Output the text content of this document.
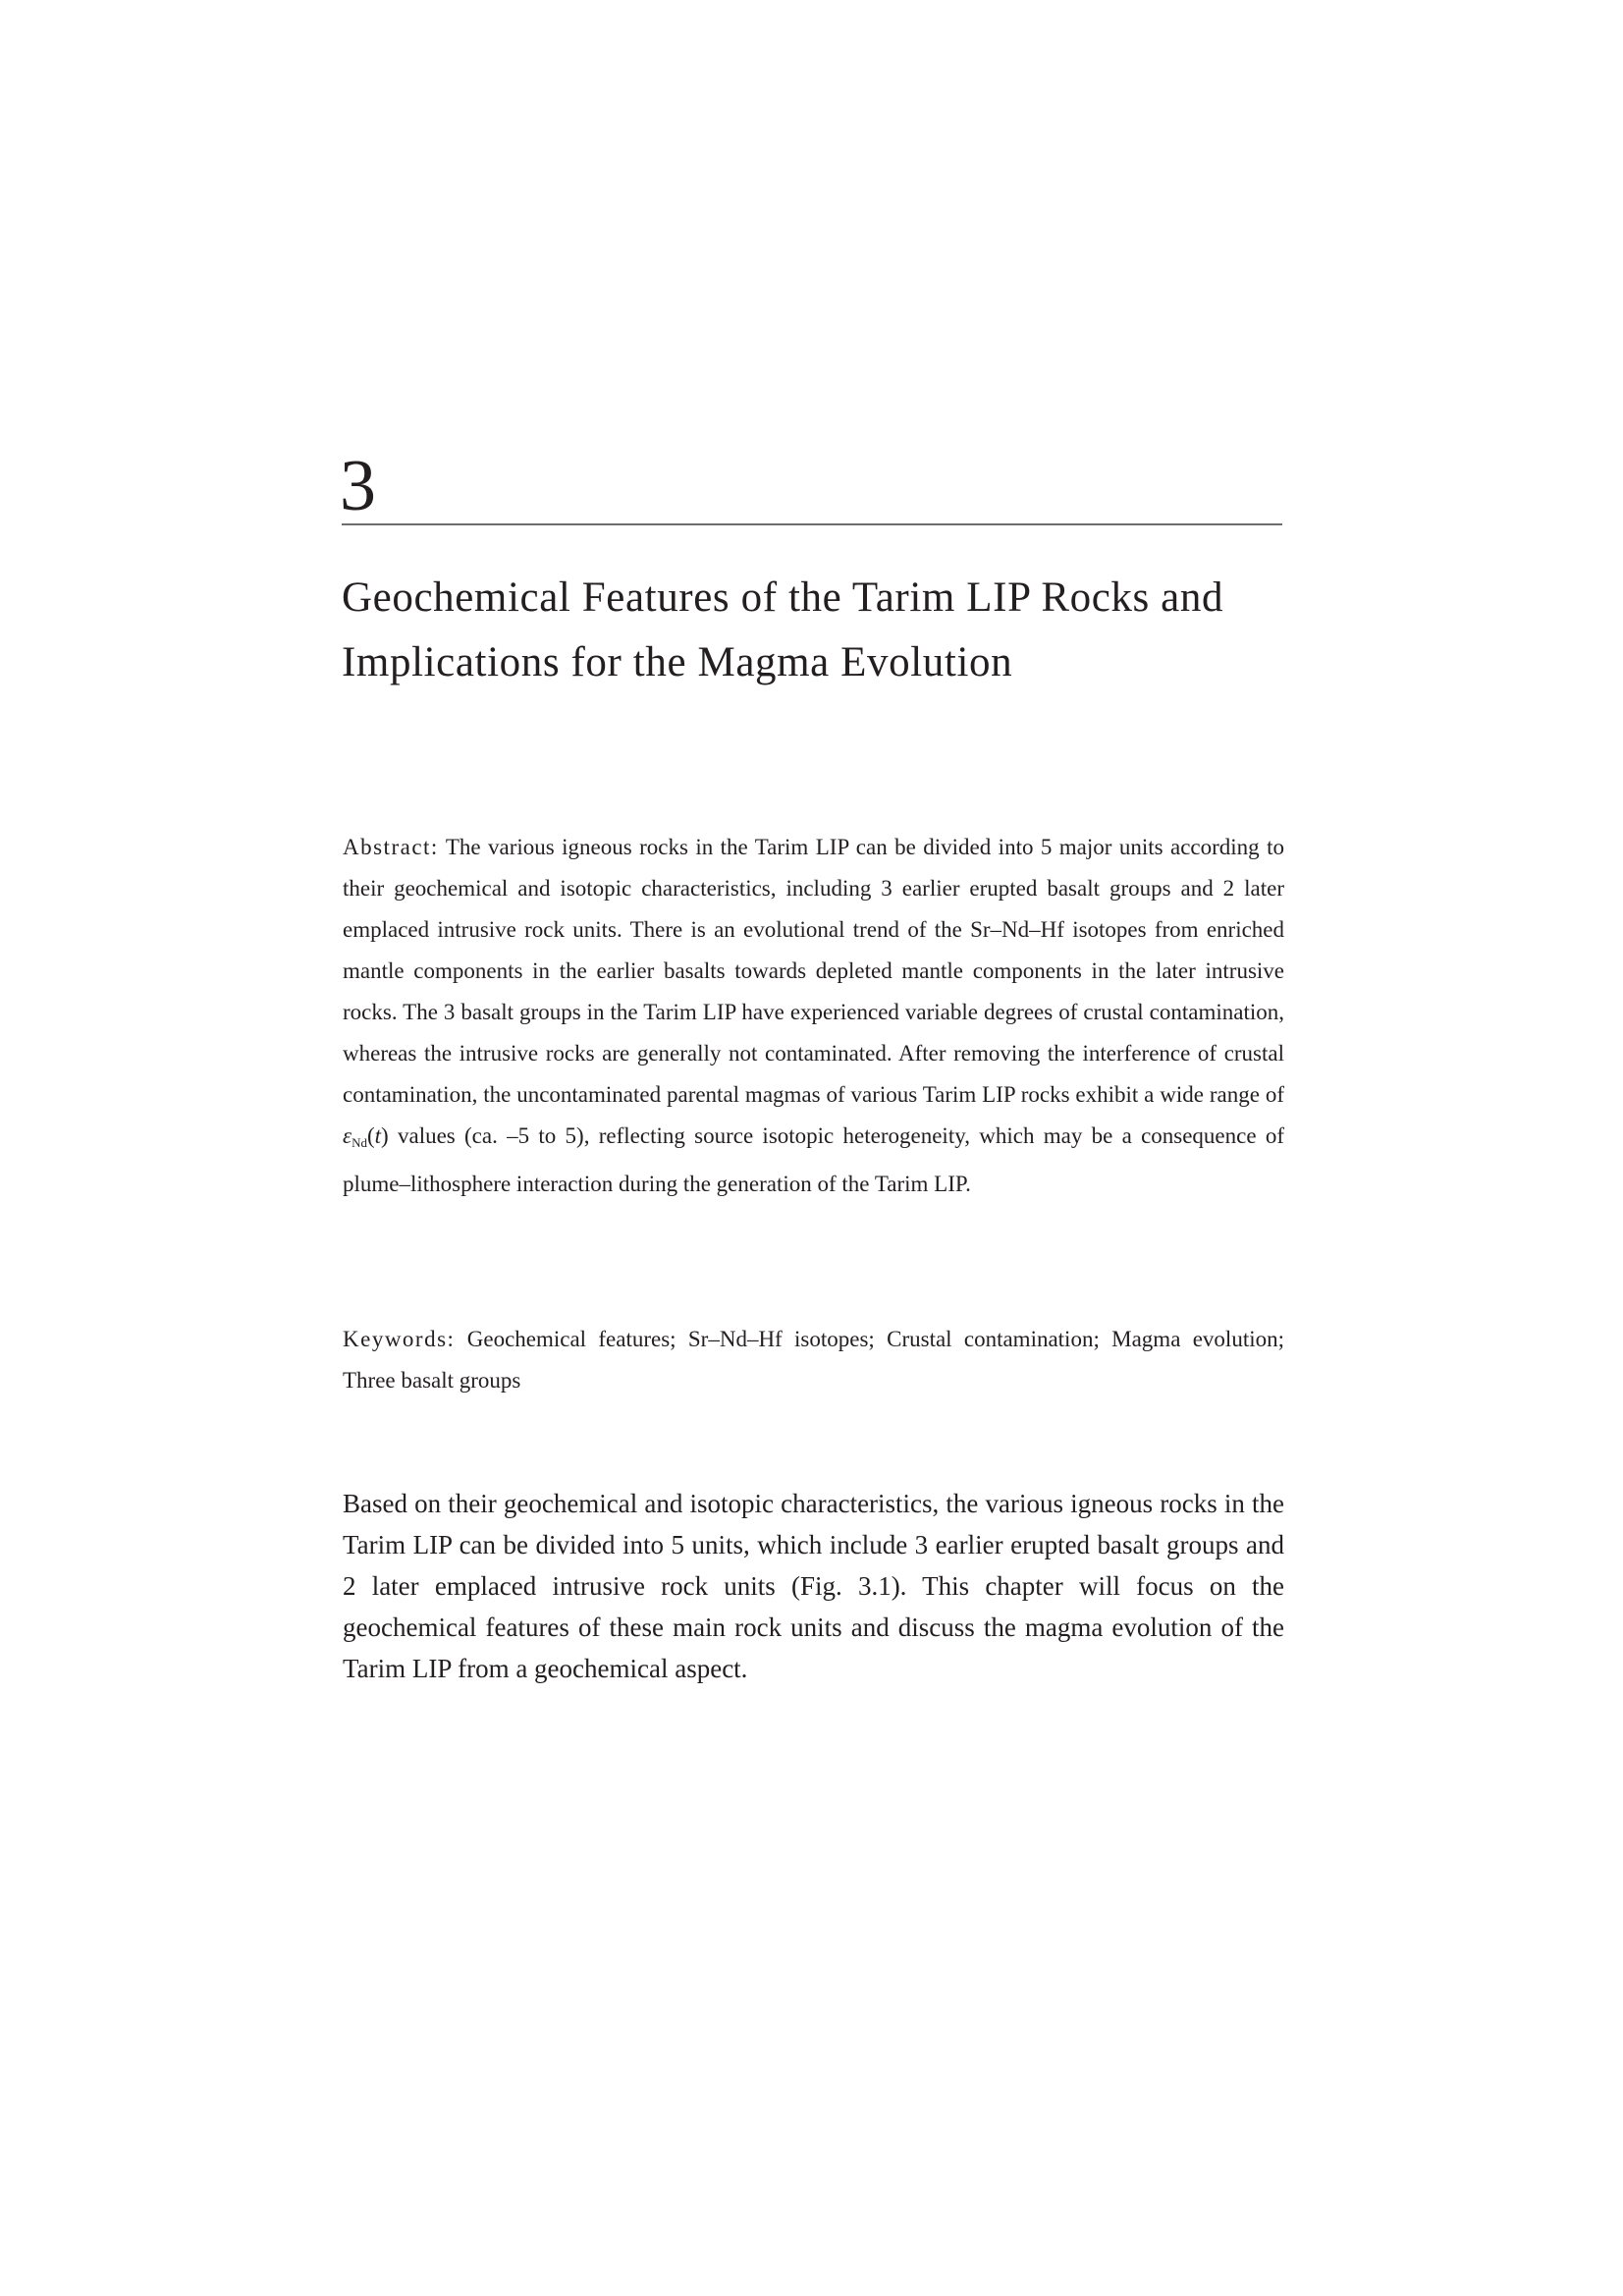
3
Geochemical Features of the Tarim LIP Rocks and
Implications for the Magma Evolution

Abstract: The various igneous rocks in the Tarim LIP can be divided into 5 major units according to their geochemical and isotopic characteristics, including 3 earlier erupted basalt groups and 2 later emplaced intrusive rock units. There is an evolutional trend of the Sr–Nd–Hf isotopes from enriched mantle components in the earlier basalts towards depleted mantle components in the later intrusive rocks. The 3 basalt groups in the Tarim LIP have experienced variable degrees of crustal contamination, whereas the intrusive rocks are generally not contaminated. After removing the interference of crustal contamination, the uncontaminated parental magmas of various Tarim LIP rocks exhibit a wide range of $\varepsilon_{Nd}(t)$ values (ca. –5 to 5), reflecting source isotopic heterogeneity, which may be a consequence of plume–lithosphere interaction during the generation of the Tarim LIP.

Keywords: Geochemical features; Sr–Nd–Hf isotopes; Crustal contamination; Magma evolution; Three basalt groups

Based on their geochemical and isotopic characteristics, the various igneous rocks in the Tarim LIP can be divided into 5 units, which include 3 earlier erupted basalt groups and 2 later emplaced intrusive rock units (Fig. 3.1). This chapter will focus on the geochemical features of these main rock units and discuss the magma evolution of the Tarim LIP from a geochemical aspect.
